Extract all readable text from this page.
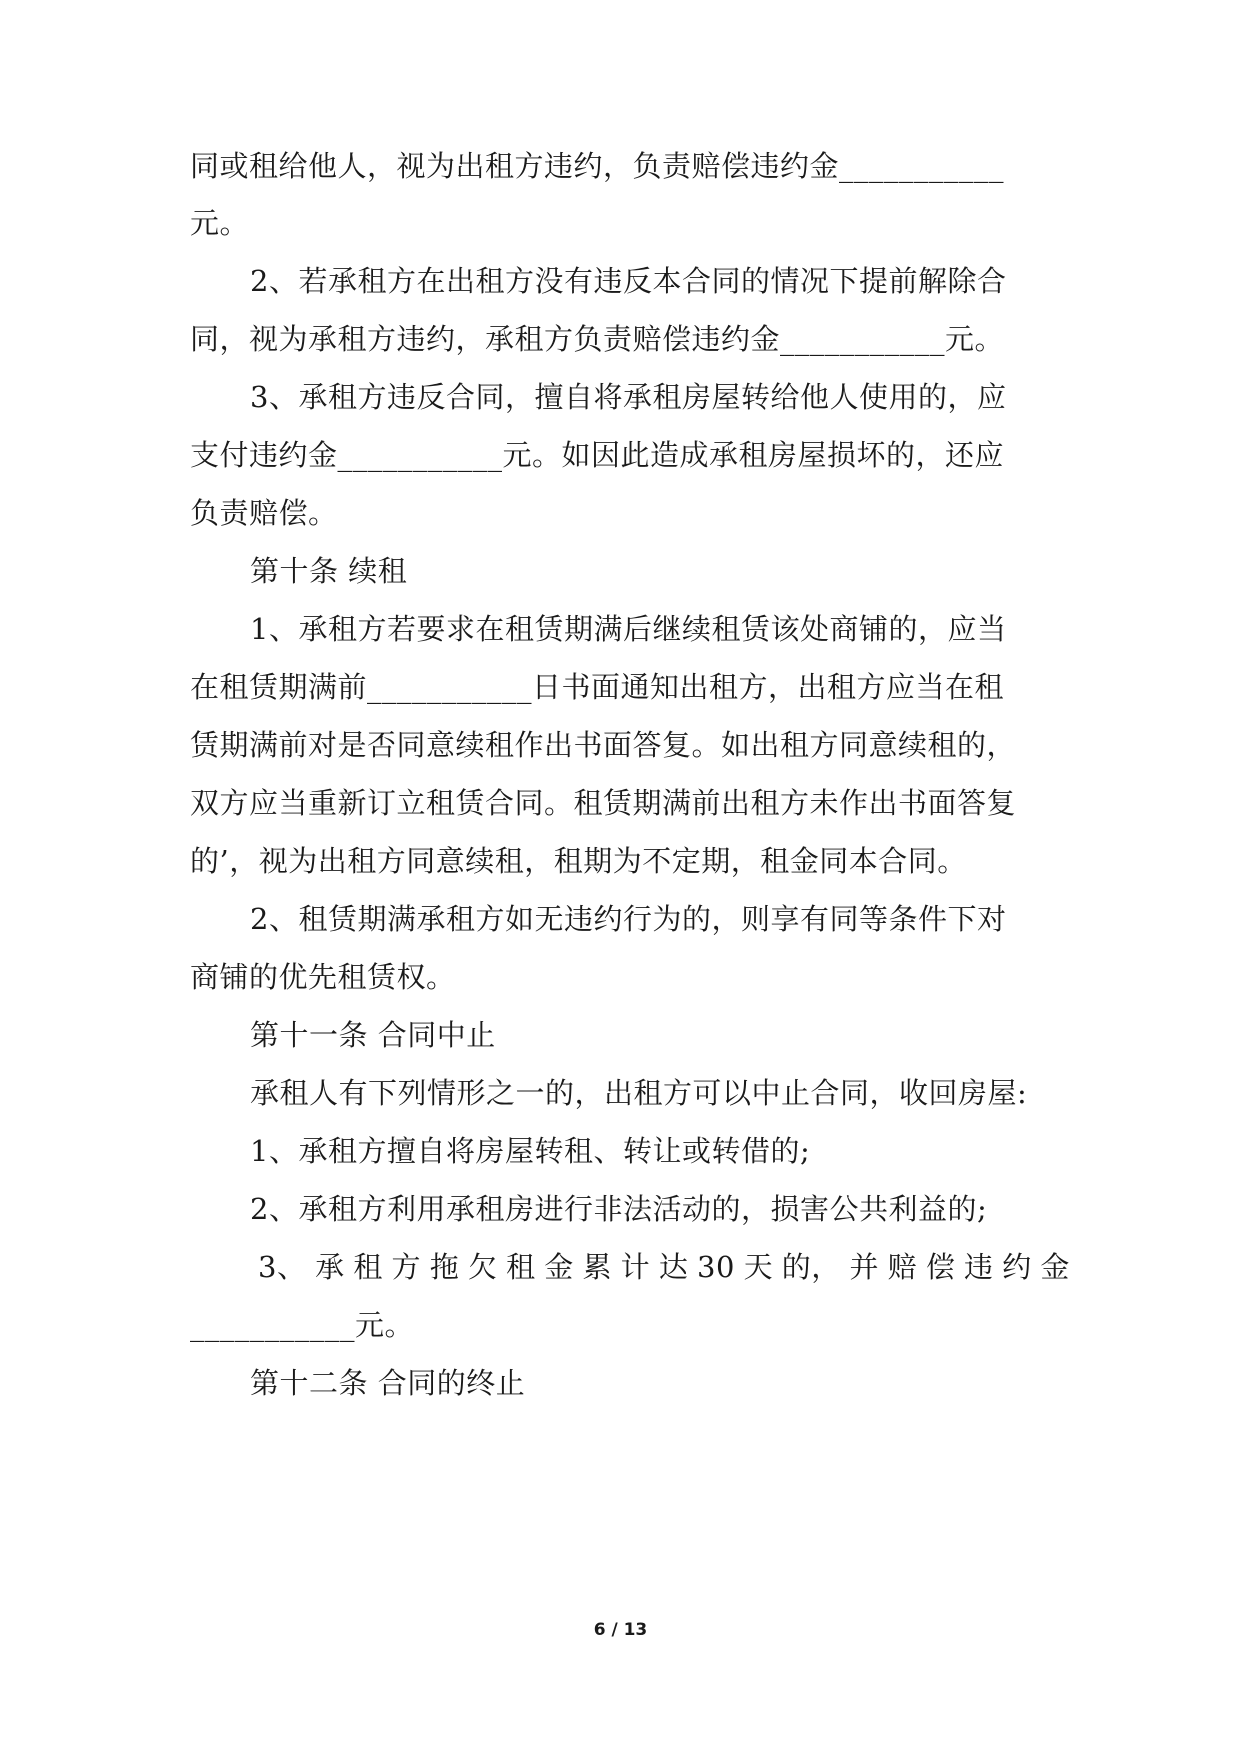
同或租给他人，视为出租方违约，负责赔偿违约金___________
元。
2、若承租方在出租方没有违反本合同的情况下提前解除合
同，视为承租方违约，承租方负责赔偿违约金___________元。
3、承租方违反合同，擅自将承租房屋转给他人使用的，应
支付违约金___________元。如因此造成承租房屋损坏的，还应
负责赔偿。
第十条 续租
1、承租方若要求在租赁期满后继续租赁该处商铺的，应当
在租赁期满前___________日书面通知出租方，出租方应当在租
赁期满前对是否同意续租作出书面答复。如出租方同意续租的，
双方应当重新订立租赁合同。租赁期满前出租方未作出书面答复
的’，视为出租方同意续租，租期为不定期，租金同本合同。
2、租赁期满承租方如无违约行为的，则享有同等条件下对
商铺的优先租赁权。
第十一条 合同中止
承租人有下列情形之一的，出租方可以中止合同，收回房屋:
1、承租方擅自将房屋转租、转让或转借的;
2、承租方利用承租房进行非法活动的，损害公共利益的;
3、 承 租 方 拖 欠 租 金 累 计 达 30 天 的， 并 赔 偿 违 约 金
___________元。
第十二条 合同的终止
6 / 13
